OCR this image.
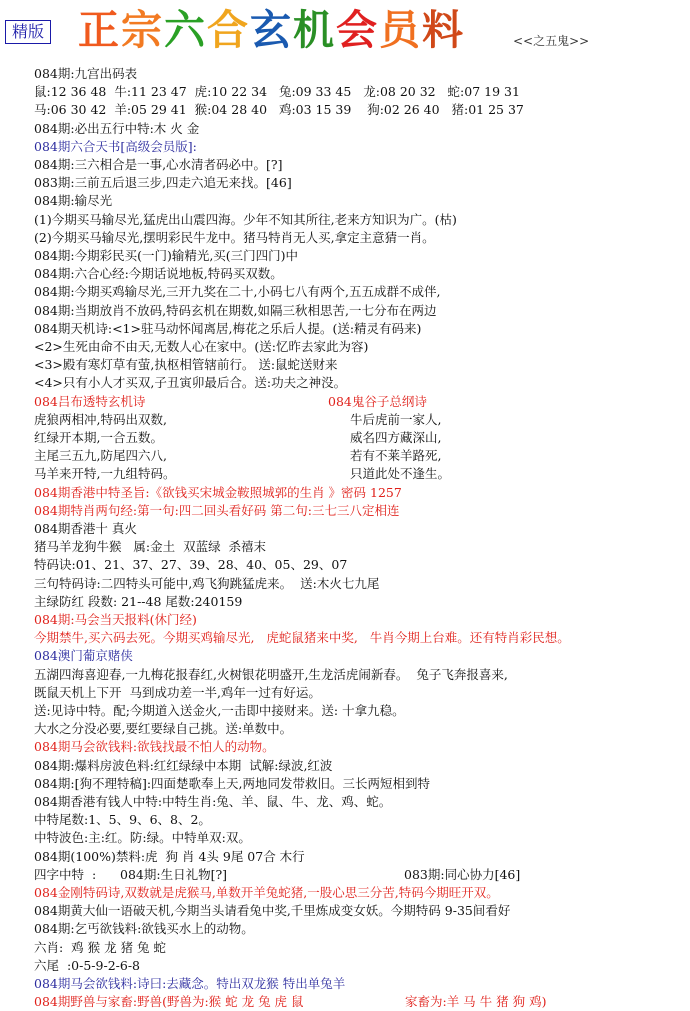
精版 正宗六合玄机会员料	<<之五鬼>>
084期:九宫出码表
鼠:12 36 48  牛:11 23 47  虎:10 22 34   兔:09 33 45   龙:08 20 32   蛇:07 19 31
马:06 30 42  羊:05 29 41  猴:04 28 40   鸡:03 15 39    狗:02 26 40   猪:01 25 37
084期:必出五行中特:木 火 金
084期六合天书[高级会员版]:
084期:三六相合是一事,心水清者码必中。[?]
083期:三前五后退三步,四走六追无来找。[46]
084期:输尽光
(1)今期买马输尽光,猛虎出山震四海。少年不知其所往,老来方知识为广。(枯)
(2)今期买马输尽光,摆明彩民牛龙中。猪马特肖无人买,拿定主意猜一肖。
084期:今期彩民买(一门)输精光,买(三门四门)中
084期:六合心经:今期话说地板,特码买双数。
084期:今期买鸡输尽光,三开九奖在二十,小码七八有两个,五五成群不成伴,
084期:当期放肖不放码,特码玄机在期数,如隔三秋相思苦,一七分布在两边
084期天机诗:<1>驻马动怀闻离居,梅花之乐后人提。(送:精灵有码来)
<2>生死由命不由天,无数人心在家中。(送:忆昨去家此为容)
<3>殿有寒灯草有萤,执枢相管辖前行。 送:鼠蛇送财来
<4>只有小人才买双,子丑寅卯最后合。送:功夫之神没。
084吕布透特玄机诗	084鬼谷子总纲诗
虎狼两相冲,特码出双数,	牛后虎前一家人,
红绿开本期,一合五数。	威名四方藏深山,
主尾三五九,防尾四六八,	若有不莱羊路死,
马羊来开特,一九组特码。	只道此处不逢生。
084期香港中特圣旨:《欲钱买宋城金鞍照城郭的生肖 》密码 1257
084期特肖两句经:第一句:四二回头看好码 第二句:三七三八定相连
084期香港十 真火
猪马羊龙狗牛猴   属:金土  双蓝绿  杀禧末
特码诀:01、21、37、27、39、28、40、05、29、07
三句特码诗:二四特头可能中,鸡飞狗跳猛虎来。  送:木火七九尾
主绿防红 段数: 21--48 尾数:240159
084期:马会当天报料(休门经)
今期禁牛,买六码去死。今期买鸡输尽光,   虎蛇鼠猪来中奖,   牛肖今期上台难。还有特肖彩民想。
084澳门葡京赌侠
五湖四海喜迎春,一九梅花报春红,火树银花明盛开,生龙活虎闹新春。  兔子飞奔报喜来,
既鼠天机上下开  马到成功差一半,鸡年一过有好运。
送:见诗中特。配;今期道入送金火,一击即中接财来。送: 十拿九稳。
大水之分没必要,要红要绿自己挑。送:单数中。
084期马会欲钱料:欲钱找最不怕人的动物。
084期:爆料房波色料:红红绿绿中本期  试解:绿波,红波
084期:[狗不理特稿]:四面楚歌奉上天,两地同发带救旧。三长两短相到特
084期香港有钱人中特:中特生肖:兔、羊、鼠、牛、龙、鸡、蛇。
中特尾数:1、5、9、6、8、2。
中特波色:主:红。防:绿。中特单双:双。
084期(100%)禁料:虎  狗 肖 4头 9尾 07合 木行
四字中特  :      084期:生日礼物[?]	083期:同心协力[46]
084金刚特码诗,双数就是虎猴马,单数开羊兔蛇猪,一股心思三分苦,特码今期旺开双。
084期黄大仙一语破天机,今期当头请看兔中奖,千里炼成变女妖。今期特码 9-35间看好
084期:乞丐欲钱料:欲钱买水上的动物。
六肖:  鸡 猴 龙 猪 兔 蛇
六尾  :0-5-9-2-6-8
084期马会欲钱料:诗曰:去藏念。特出双龙猴 特出单兔羊
084期野兽与家畜:野兽(野兽为:猴 蛇 龙 兔 虎 鼠	家畜为:羊 马 牛 猪 狗 鸡)
